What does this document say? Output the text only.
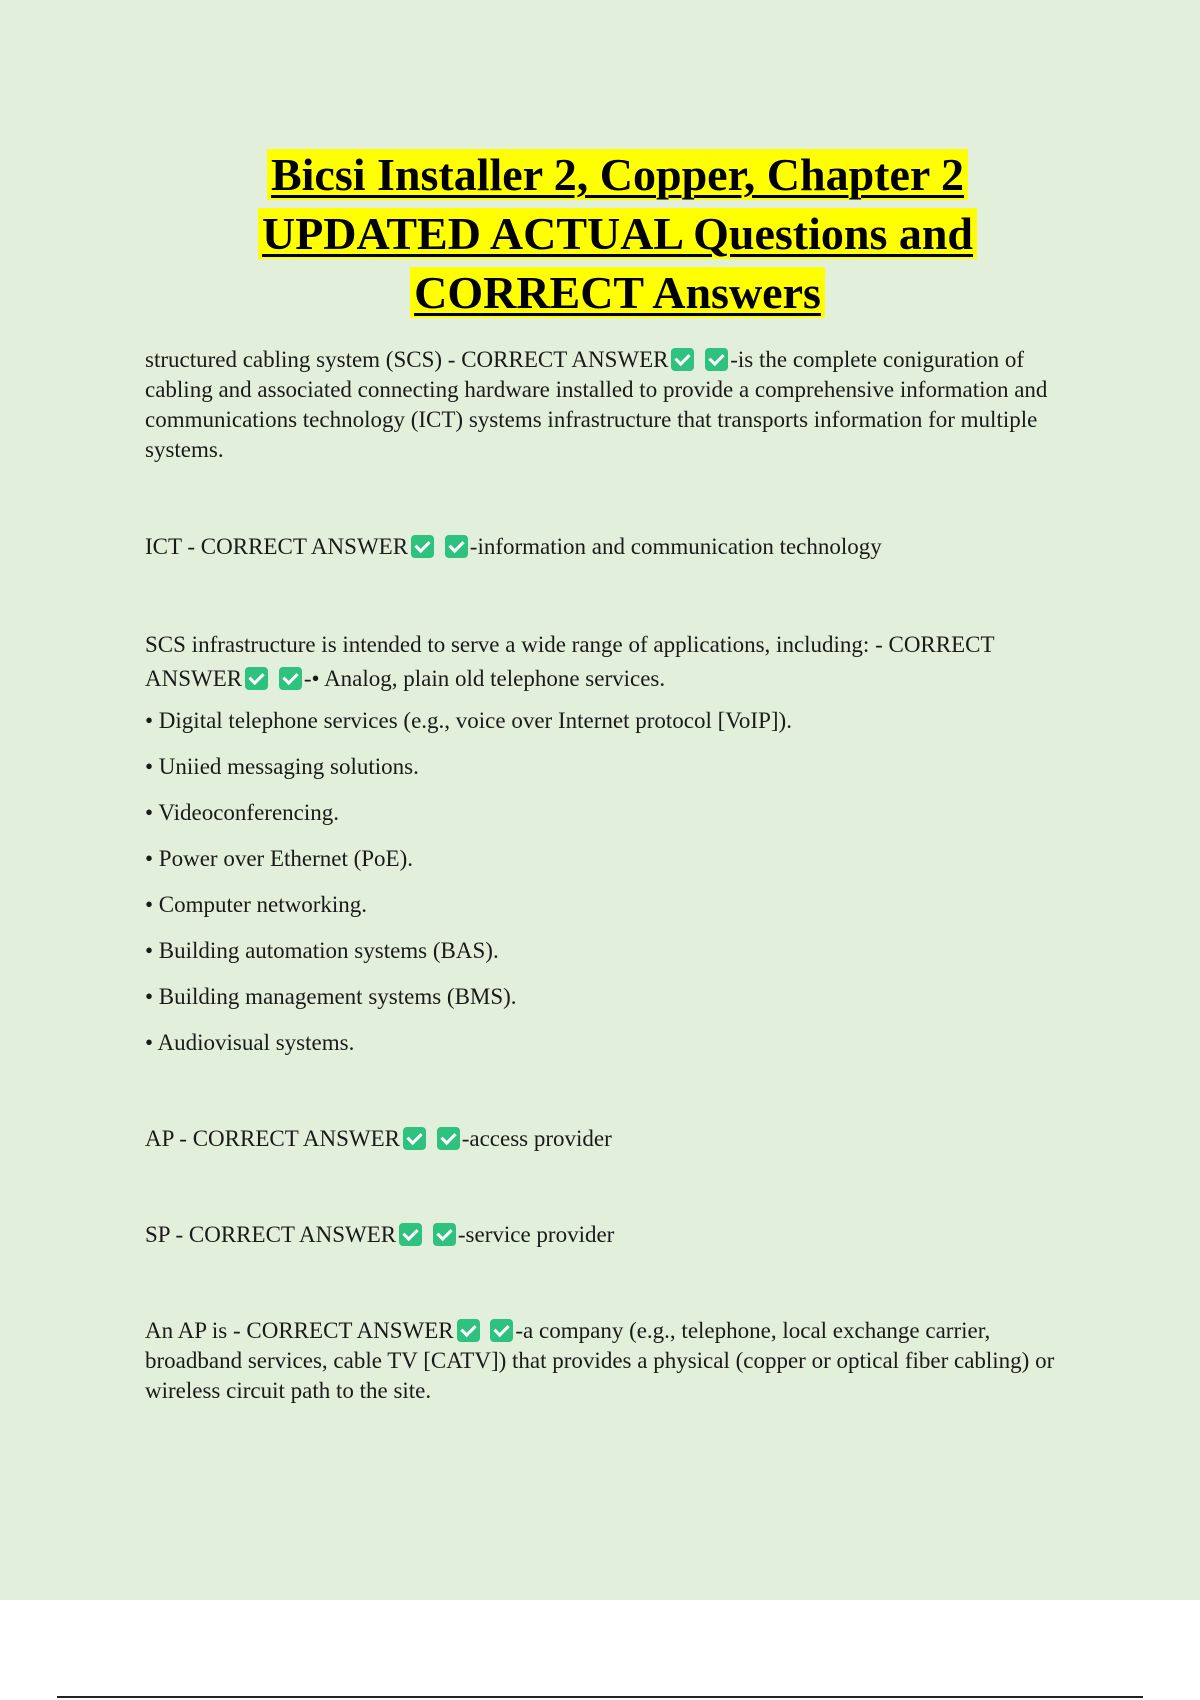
Bicsi Installer 2, Copper, Chapter 2
UPDATED ACTUAL Questions and
CORRECT Answers

structured cabling system (SCS) - CORRECT ANSWER	-is the complete coniguration of cabling and associated connecting hardware installed to provide a comprehensive information and communications technology (ICT) systems infrastructure that transports information for multiple systems.

ICT - CORRECT ANSWER	-information and communication technology

SCS infrastructure is intended to serve a wide range of applications, including: - CORRECT ANSWER	-• Analog, plain old telephone services.

• Digital telephone services (e.g., voice over Internet protocol [VoIP]).

• Uniied messaging solutions.

• Videoconferencing.

• Power over Ethernet (PoE).

• Computer networking.

• Building automation systems (BAS).

• Building management systems (BMS).

• Audiovisual systems.

AP - CORRECT ANSWER	-access provider

SP - CORRECT ANSWER	-service provider

An AP is - CORRECT ANSWER	-a company (e.g., telephone, local exchange carrier, broadband services, cable TV [CATV]) that provides a physical (copper or optical fiber cabling) or wireless circuit path to the site.
